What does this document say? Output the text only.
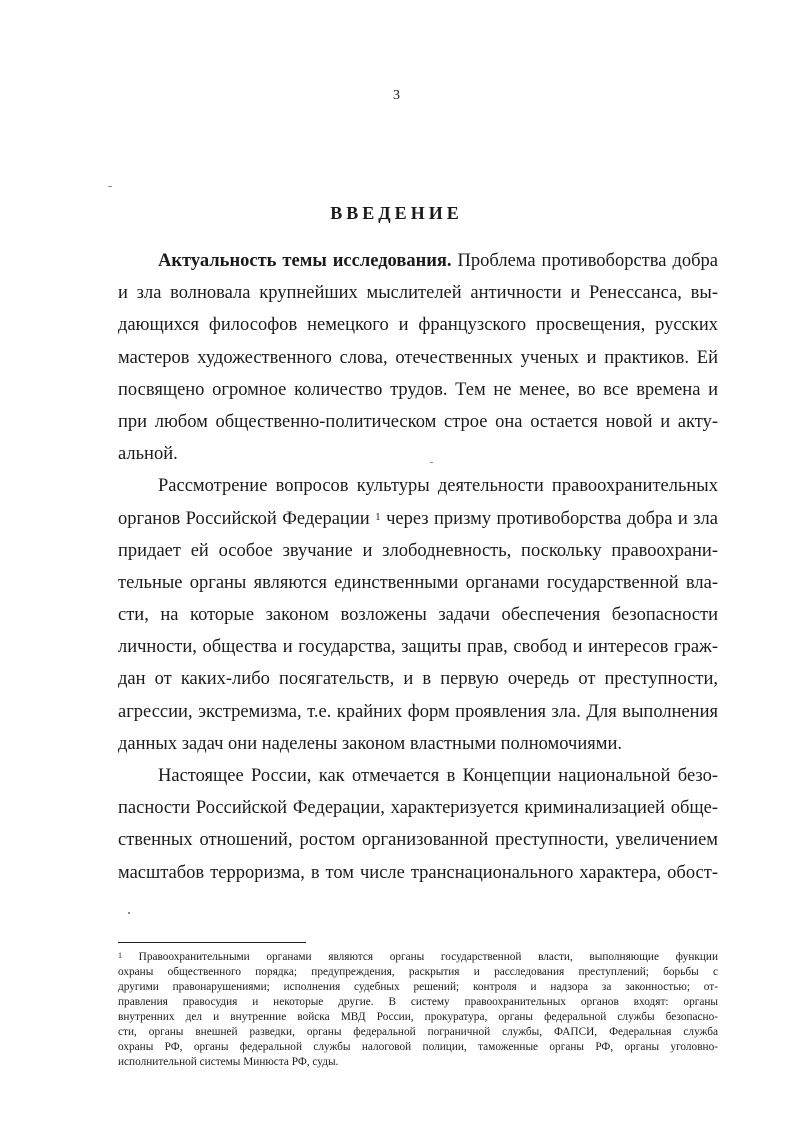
3
ВВЕДЕНИЕ
Актуальность темы исследования. Проблема противоборства добра
и зла волновала крупнейших мыслителей античности и Ренессанса, вы-
дающихся философов немецкого и французского просвещения, русских
мастеров художественного слова, отечественных ученых и практиков. Ей
посвящено огромное количество трудов. Тем не менее, во все времена и
при любом общественно-политическом строе она остается новой и акту-
альной.
Рассмотрение вопросов культуры деятельности правоохранительных
органов Российской Федерации $^1$ через призму противоборства добра и зла
придает ей особое звучание и злободневность, поскольку правоохрани-
тельные органы являются единственными органами государственной вла-
сти, на которые законом возложены задачи обеспечения безопасности
личности, общества и государства, защиты прав, свобод и интересов граж-
дан от каких-либо посягательств, и в первую очередь от преступности,
агрессии, экстремизма, т.е. крайних форм проявления зла. Для выполнения
данных задач они наделены законом властными полномочиями.
Настоящее России, как отмечается в Концепции национальной безо-
пасности Российской Федерации, характеризуется криминализацией обще-
ственных отношений, ростом организованной преступности, увеличением
масштабов терроризма, в том числе транснационального характера, обост-
$^1$ Правоохранительными органами являются органы государственной власти, выполняющие функции
охраны общественного порядка; предупреждения, раскрытия и расследования преступлений; борьбы с
другими правонарушениями; исполнения судебных решений; контроля и надзора за законностью; от-
правления правосудия и некоторые другие. В систему правоохранительных органов входят: органы
внутренних дел и внутренние войска МВД России, прокуратура, органы федеральной службы безопасно-
сти, органы внешней разведки, органы федеральной пограничной службы, ФАПСИ, Федеральная служба
охраны РФ, органы федеральной службы налоговой полиции, таможенные органы РФ, органы уголовно-
исполнительной системы Минюста РФ, суды.
